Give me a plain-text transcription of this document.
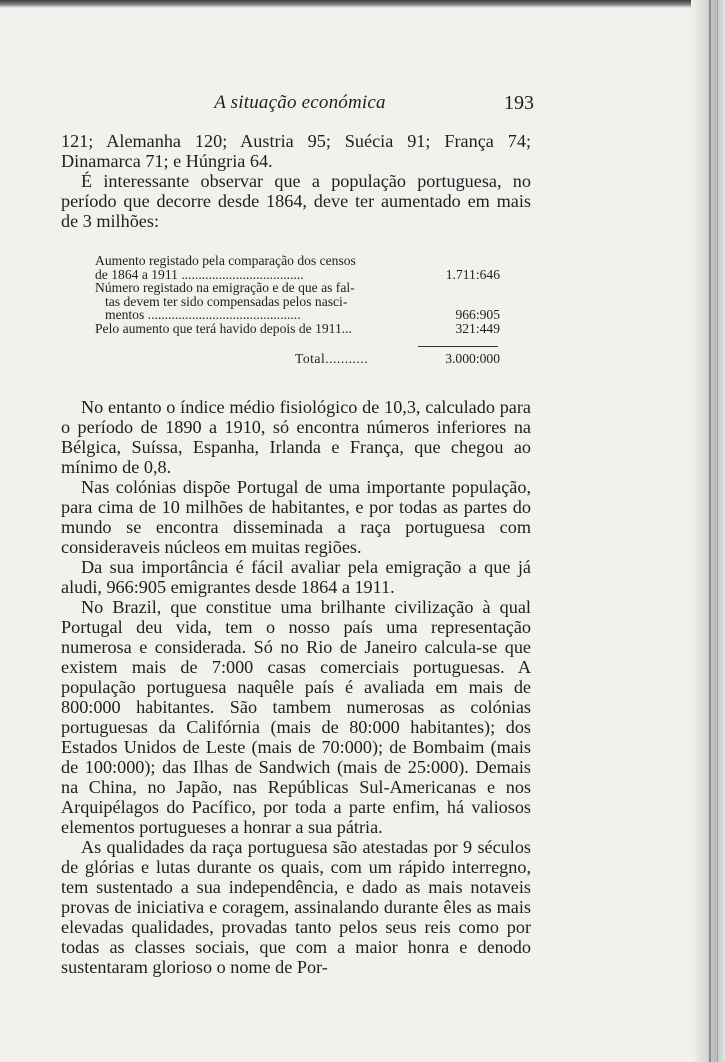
A situação económica	193

121; Alemanha 120; Austria 95; Suécia 91; França 74; Dinamarca 71; e Húngria 64.

É interessante observar que a população portuguesa, no período que decorre desde 1864, deve ter aumentado em mais de 3 milhões:

Aumento registado pela comparação dos censos
de 1864 a 1911 ....................................	1.711:646
Número registado na emigração e de que as fal-

tas devem ter sido compensadas pelos nasci-
mentos .............................................	966:905
Pelo aumento que terá havido depois de 1911...	321:449
Total...........	3.000:000

No entanto o índice médio fisiológico de 10,3, calculado para o período de 1890 a 1910, só encontra números inferiores na Bélgica, Suíssa, Espanha, Irlanda e França, que chegou ao mínimo de 0,8.

Nas colónias dispõe Portugal de uma importante população, para cima de 10 milhões de habitantes, e por todas as partes do mundo se encontra disseminada a raça portuguesa com consideraveis núcleos em muitas regiões.

Da sua importância é fácil avaliar pela emigração a que já aludi, 966:905 emigrantes desde 1864 a 1911.

No Brazil, que constitue uma brilhante civilização à qual Portugal deu vida, tem o nosso país uma representação numerosa e considerada. Só no Rio de Janeiro calcula-se que existem mais de 7:000 casas comerciais portuguesas. A população portuguesa naquêle país é avaliada em mais de 800:000 habitantes. São tambem numerosas as colónias portuguesas da Califórnia (mais de 80:000 habitantes); dos Estados Unidos de Leste (mais de 70:000); de Bombaim (mais de 100:000); das Ilhas de Sandwich (mais de 25:000). Demais na China, no Japão, nas Repúblicas Sul-Americanas e nos Arquipélagos do Pacífico, por toda a parte enfim, há valiosos elementos portugueses a honrar a sua pátria.

As qualidades da raça portuguesa são atestadas por 9 séculos de glórias e lutas durante os quais, com um rápido interregno, tem sustentado a sua independência, e dado as mais notaveis provas de iniciativa e coragem, assinalando durante êles as mais elevadas qualidades, provadas tanto pelos seus reis como por todas as classes sociais, que com a maior honra e denodo sustentaram glorioso o nome de Por-
